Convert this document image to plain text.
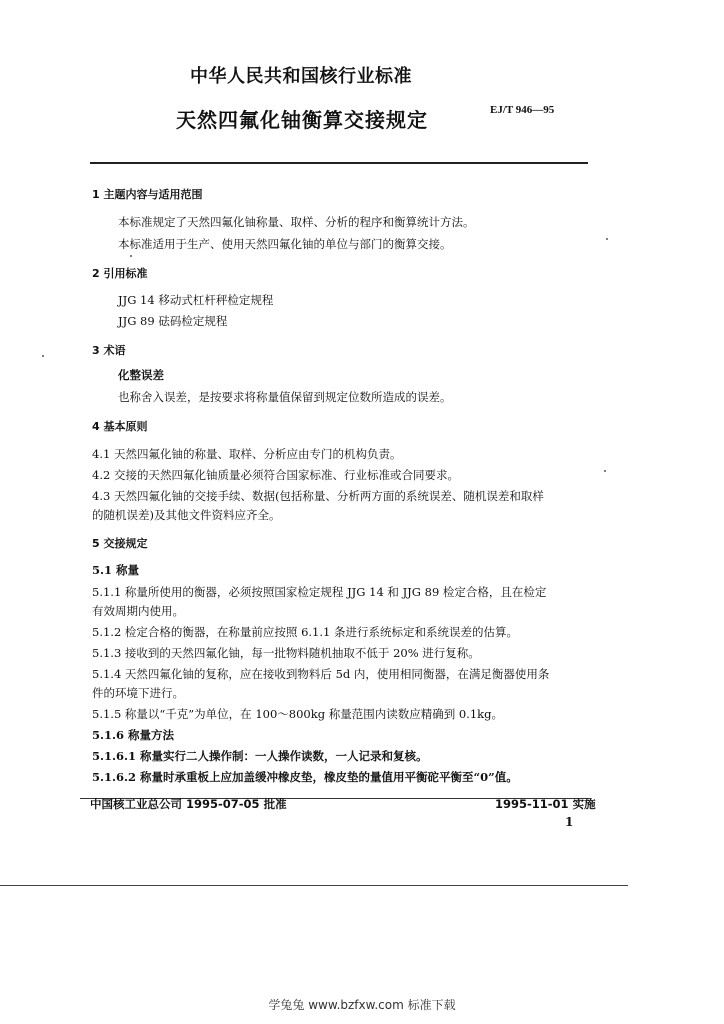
中华人民共和国核行业标准
天然四氟化铀衡算交接规定	EJ/T 946—95
1 主题内容与适用范围
本标准规定了天然四氟化铀称量、取样、分析的程序和衡算统计方法。
本标准适用于生产、使用天然四氟化铀的单位与部门的衡算交接。
2 引用标准
JJG 14 移动式杠杆秤检定规程
JJG 89 砝码检定规程
3 术语
化整误差
也称舍入误差，是按要求将称量值保留到规定位数所造成的误差。
4 基本原则
4.1 天然四氟化铀的称量、取样、分析应由专门的机构负责。
4.2 交接的天然四氟化铀质量必须符合国家标准、行业标准或合同要求。
4.3 天然四氟化铀的交接手续、数据(包括称量、分析两方面的系统误差、随机误差和取样
的随机误差)及其他文件资料应齐全。
5 交接规定
5.1 称量
5.1.1 称量所使用的衡器，必须按照国家检定规程 JJG 14 和 JJG 89 检定合格，且在检定
有效周期内使用。
5.1.2 检定合格的衡器，在称量前应按照 6.1.1 条进行系统标定和系统误差的估算。
5.1.3 接收到的天然四氟化铀，每一批物料随机抽取不低于 20% 进行复称。
5.1.4 天然四氟化铀的复称，应在接收到物料后 5d 内，使用相同衡器，在满足衡器使用条
件的环境下进行。
5.1.5 称量以“千克”为单位，在 100～800kg 称量范围内读数应精确到 0.1kg。
5.1.6 称量方法
5.1.6.1 称量实行二人操作制：一人操作读数，一人记录和复核。
5.1.6.2 称量时承重板上应加盖缓冲橡皮垫，橡皮垫的量值用平衡砣平衡至“0”值。
中国核工业总公司 1995-07-05 批准	1995-11-01 实施
1
学兔兔 www.bzfxw.com 标准下载
